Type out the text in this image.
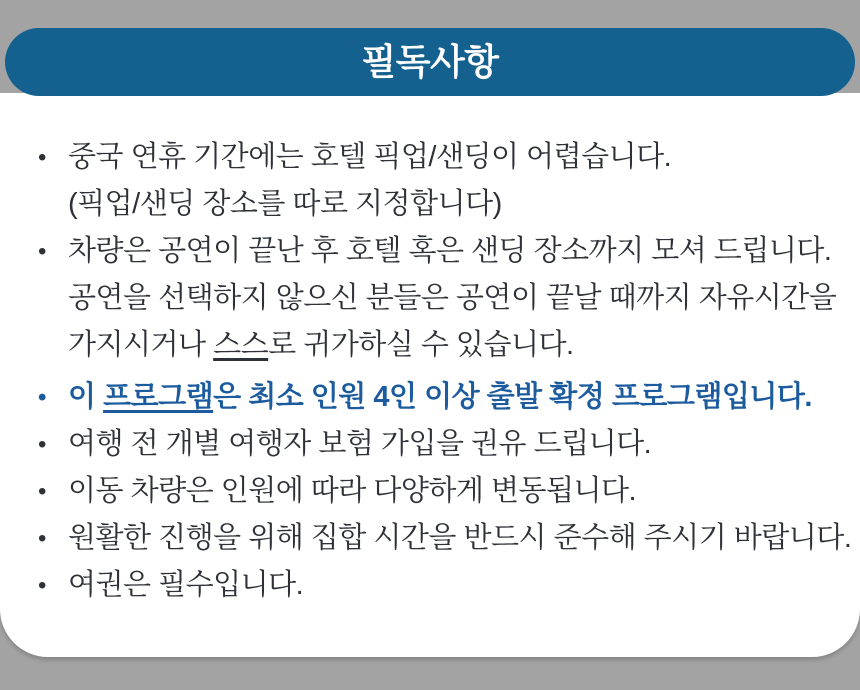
필독사항
• 중국 연휴 기간에는 호텔 픽업/샌딩이 어렵습니다.
(픽업/샌딩 장소를 따로 지정합니다)
• 차량은 공연이 끝난 후 호텔 혹은 샌딩 장소까지 모셔 드립니다.
공연을 선택하지 않으신 분들은 공연이 끝날 때까지 자유시간을
가지시거나 스스로 귀가하실 수 있습니다.
• 이 프로그램은 최소 인원 4인 이상 출발 확정 프로그램입니다.
• 여행 전 개별 여행자 보험 가입을 권유 드립니다.
• 이동 차량은 인원에 따라 다양하게 변동됩니다.
• 원활한 진행을 위해 집합 시간을 반드시 준수해 주시기 바랍니다.
• 여권은 필수입니다.
